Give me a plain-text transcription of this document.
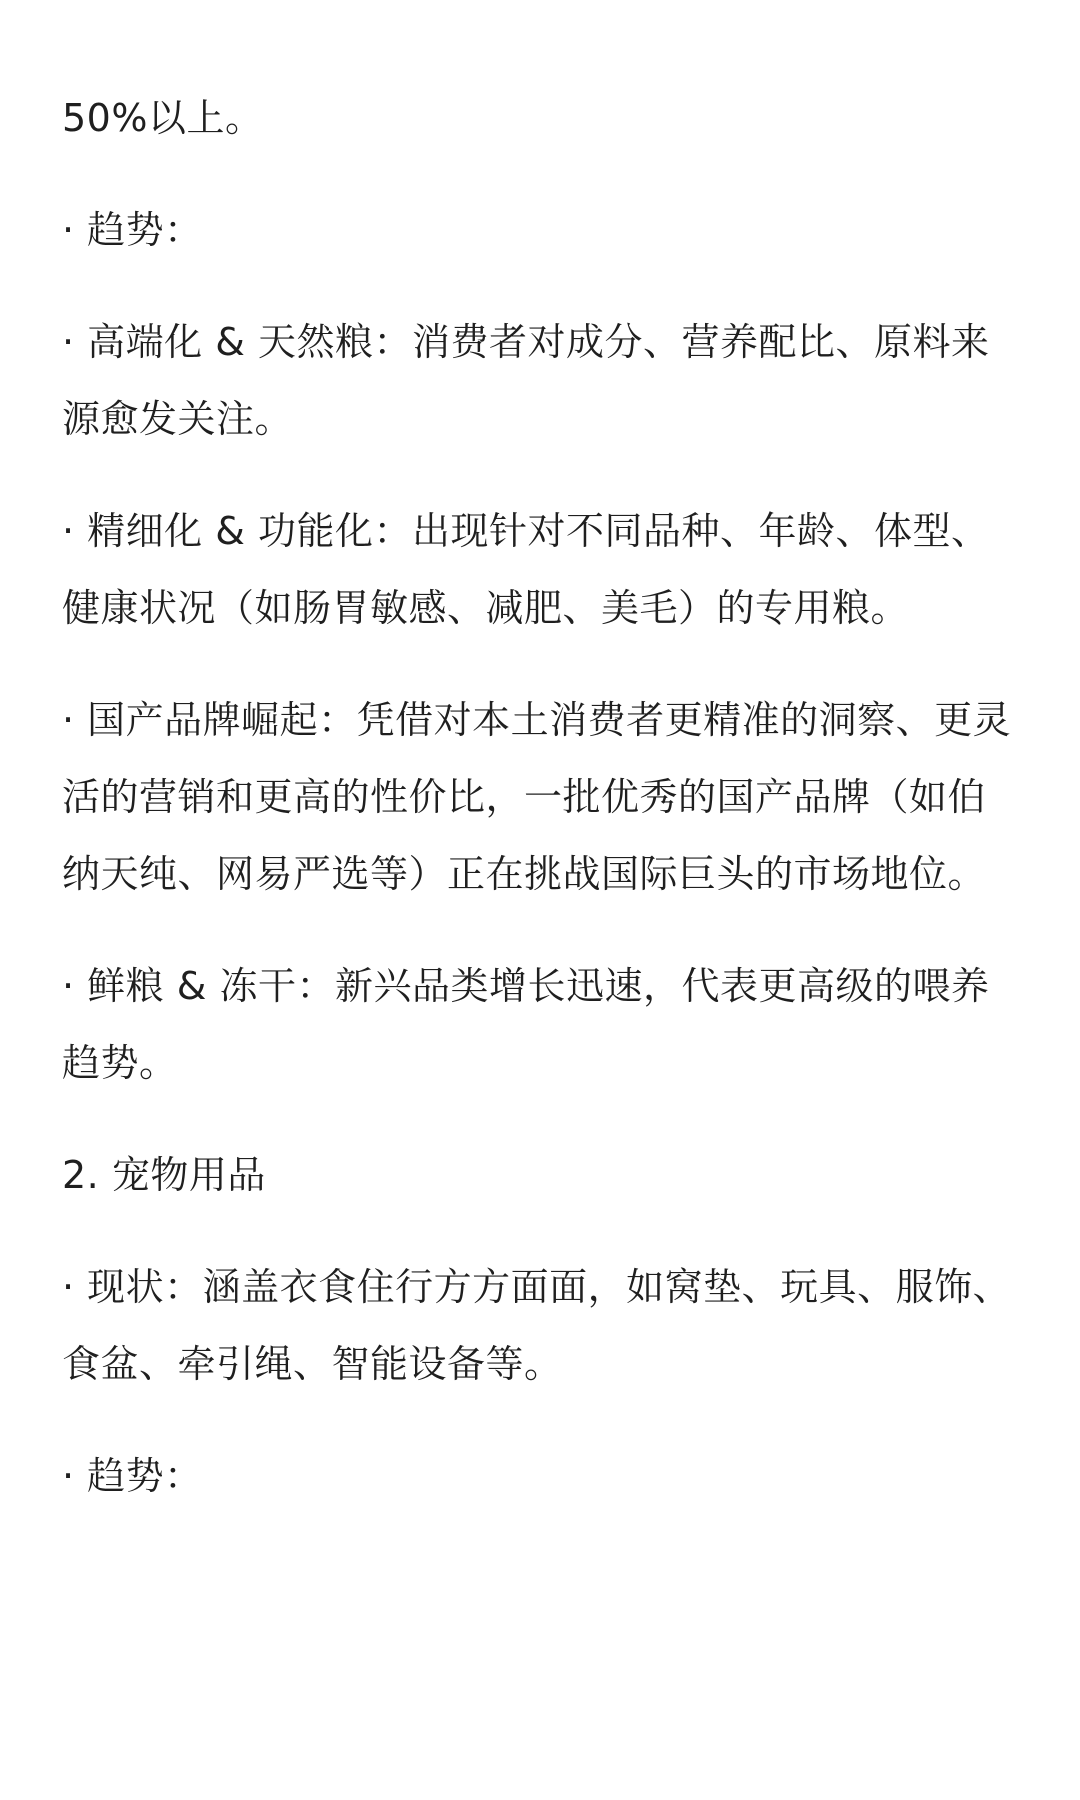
50%以上。

· 趋势：

· 高端化 & 天然粮：消费者对成分、营养配比、原料来源愈发关注。

· 精细化 & 功能化：出现针对不同品种、年龄、体型、健康状况（如肠胃敏感、减肥、美毛）的专用粮。

· 国产品牌崛起：凭借对本土消费者更精准的洞察、更灵活的营销和更高的性价比，一批优秀的国产品牌（如伯纳天纯、网易严选等）正在挑战国际巨头的市场地位。

· 鲜粮 & 冻干：新兴品类增长迅速，代表更高级的喂养趋势。

2. 宠物用品

· 现状：涵盖衣食住行方方面面，如窝垫、玩具、服饰、食盆、牵引绳、智能设备等。

· 趋势：
